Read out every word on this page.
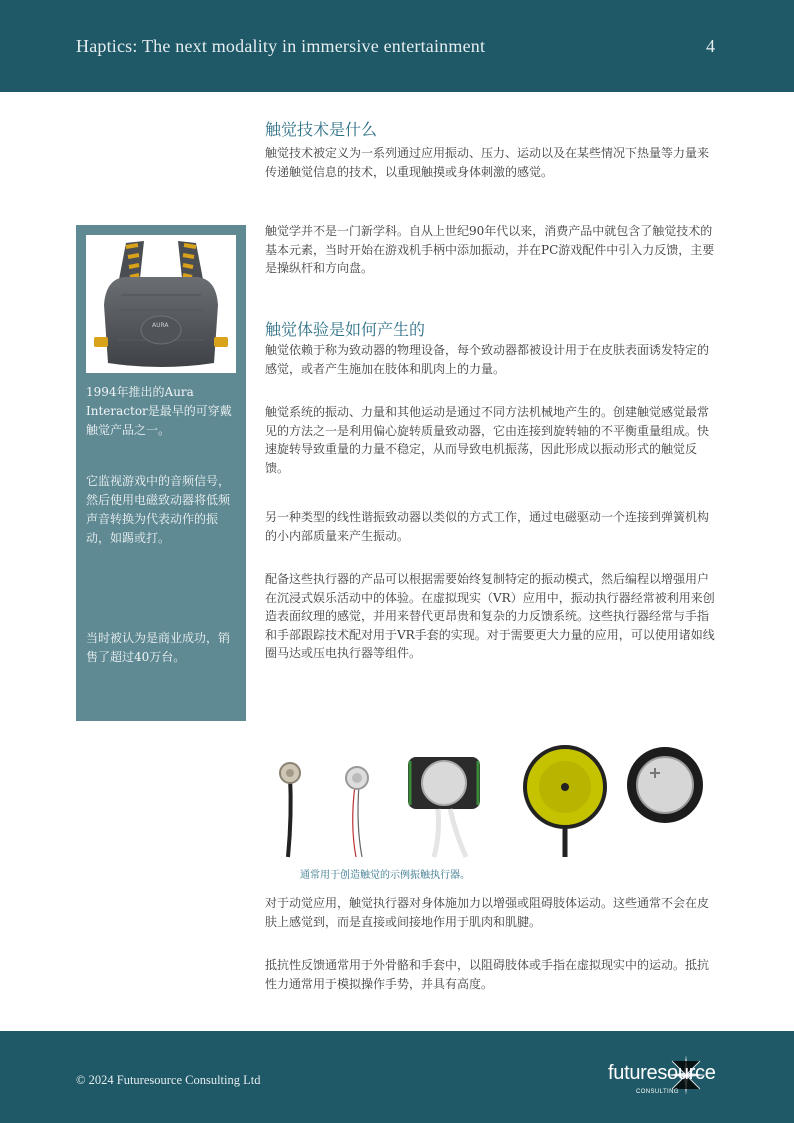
Haptics: The next modality in immersive entertainment	4
触觉技术是什么
触觉技术被定义为一系列通过应用振动、压力、运动以及在某些情况下热量等力量来传递触觉信息的技术，以重现触摸或身体刺激的感觉。
触觉学并不是一门新学科。自从上世纪90年代以来，消费产品中就包含了触觉技术的基本元素，当时开始在游戏机手柄中添加振动，并在PC游戏配件中引入力反馈，主要是操纵杆和方向盘。
触觉体验是如何产生的
触觉依赖于称为致动器的物理设备，每个致动器都被设计用于在皮肤表面诱发特定的感觉，或者产生施加在肢体和肌肉上的力量。
触觉系统的振动、力量和其他运动是通过不同方法机械地产生的。创建触觉感觉最常见的方法之一是利用偏心旋转质量致动器，它由连接到旋转轴的不平衡重量组成。快速旋转导致重量的力量不稳定，从而导致电机振荡，因此形成以振动形式的触觉反馈。
另一种类型的线性谐振致动器以类似的方式工作，通过电磁驱动一个连接到弹簧机构的小内部质量来产生振动。
配备这些执行器的产品可以根据需要始终复制特定的振动模式，然后编程以增强用户在沉浸式娱乐活动中的体验。在虚拟现实（VR）应用中，振动执行器经常被利用来创造表面纹理的感觉，并用来替代更昂贵和复杂的力反馈系统。这些执行器经常与手指和手部跟踪技术配对用于VR手套的实现。对于需要更大力量的应用，可以使用诸如线圈马达或压电执行器等组件。
AURA
1994年推出的Aura Interactor是最早的可穿戴触觉产品之一。
它监视游戏中的音频信号，然后使用电磁致动器将低频声音转换为代表动作的振动，如踢或打。
当时被认为是商业成功，销售了超过40万台。
通常用于创造触觉的示例振触执行器。
对于动觉应用，触觉执行器对身体施加力以增强或阻碍肢体运动。这些通常不会在皮肤上感觉到，而是直接或间接地作用于肌肉和肌腱。
抵抗性反馈通常用于外骨骼和手套中，以阻碍肢体或手指在虚拟现实中的运动。抵抗性力通常用于模拟操作手势，并具有高度。
© 2024 Futuresource Consulting Ltd	futuresource
CONSULTING
